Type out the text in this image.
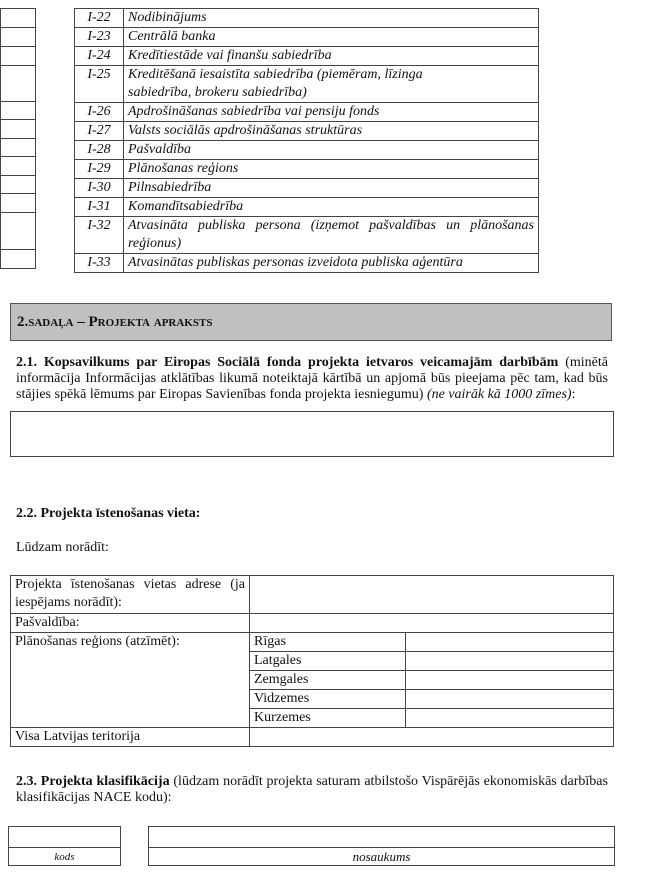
I-22	Nodibinājums
I-23	Centrālā banka
I-24	Kredītiestāde vai finanšu sabiedrība
I-25	Kreditēšanā iesaistīta sabiedrība (piemēram, līzinga sabiedrība, brokeru sabiedrība)
I-26	Apdrošināšanas sabiedrība vai pensiju fonds
I-27	Valsts sociālās apdrošināšanas struktūras
I-28	Pašvaldība
I-29	Plānošanas reģions
I-30	Pilnsabiedrība
I-31	Komandītsabiedrība
I-32	Atvasināta publiska persona (izņemot pašvaldības un plānošanas reģionus)
I-33	Atvasinātas publiskas personas izveidota publiska aģentūra
2.sadaļa – Projekta apraksts

2.1. Kopsavilkums par Eiropas Sociālā fonda projekta ietvaros veicamajām darbībām (minētā informācija Informācijas atklātības likumā noteiktajā kārtībā un apjomā būs pieejama pēc tam, kad būs stājies spēkā lēmums par Eiropas Savienības fonda projekta iesniegumu) (ne vairāk kā 1000 zīmes):

2.2. Projekta īstenošanas vieta:

Lūdzam norādīt:

Projekta īstenošanas vietas adrese (ja iespējams norādīt):		
Pašvaldība:		
Plānošanas reģions (atzīmēt):	Rīgas	
	Latgales	
	Zemgales	
	Vidzemes	
	Kurzemes	
Visa Latvijas teritorija		

2.3. Projekta klasifikācija (lūdzam norādīt projekta saturam atbilstošo Vispārējās ekonomiskās darbības klasifikācijas NACE kodu):

kods	nosaukums
